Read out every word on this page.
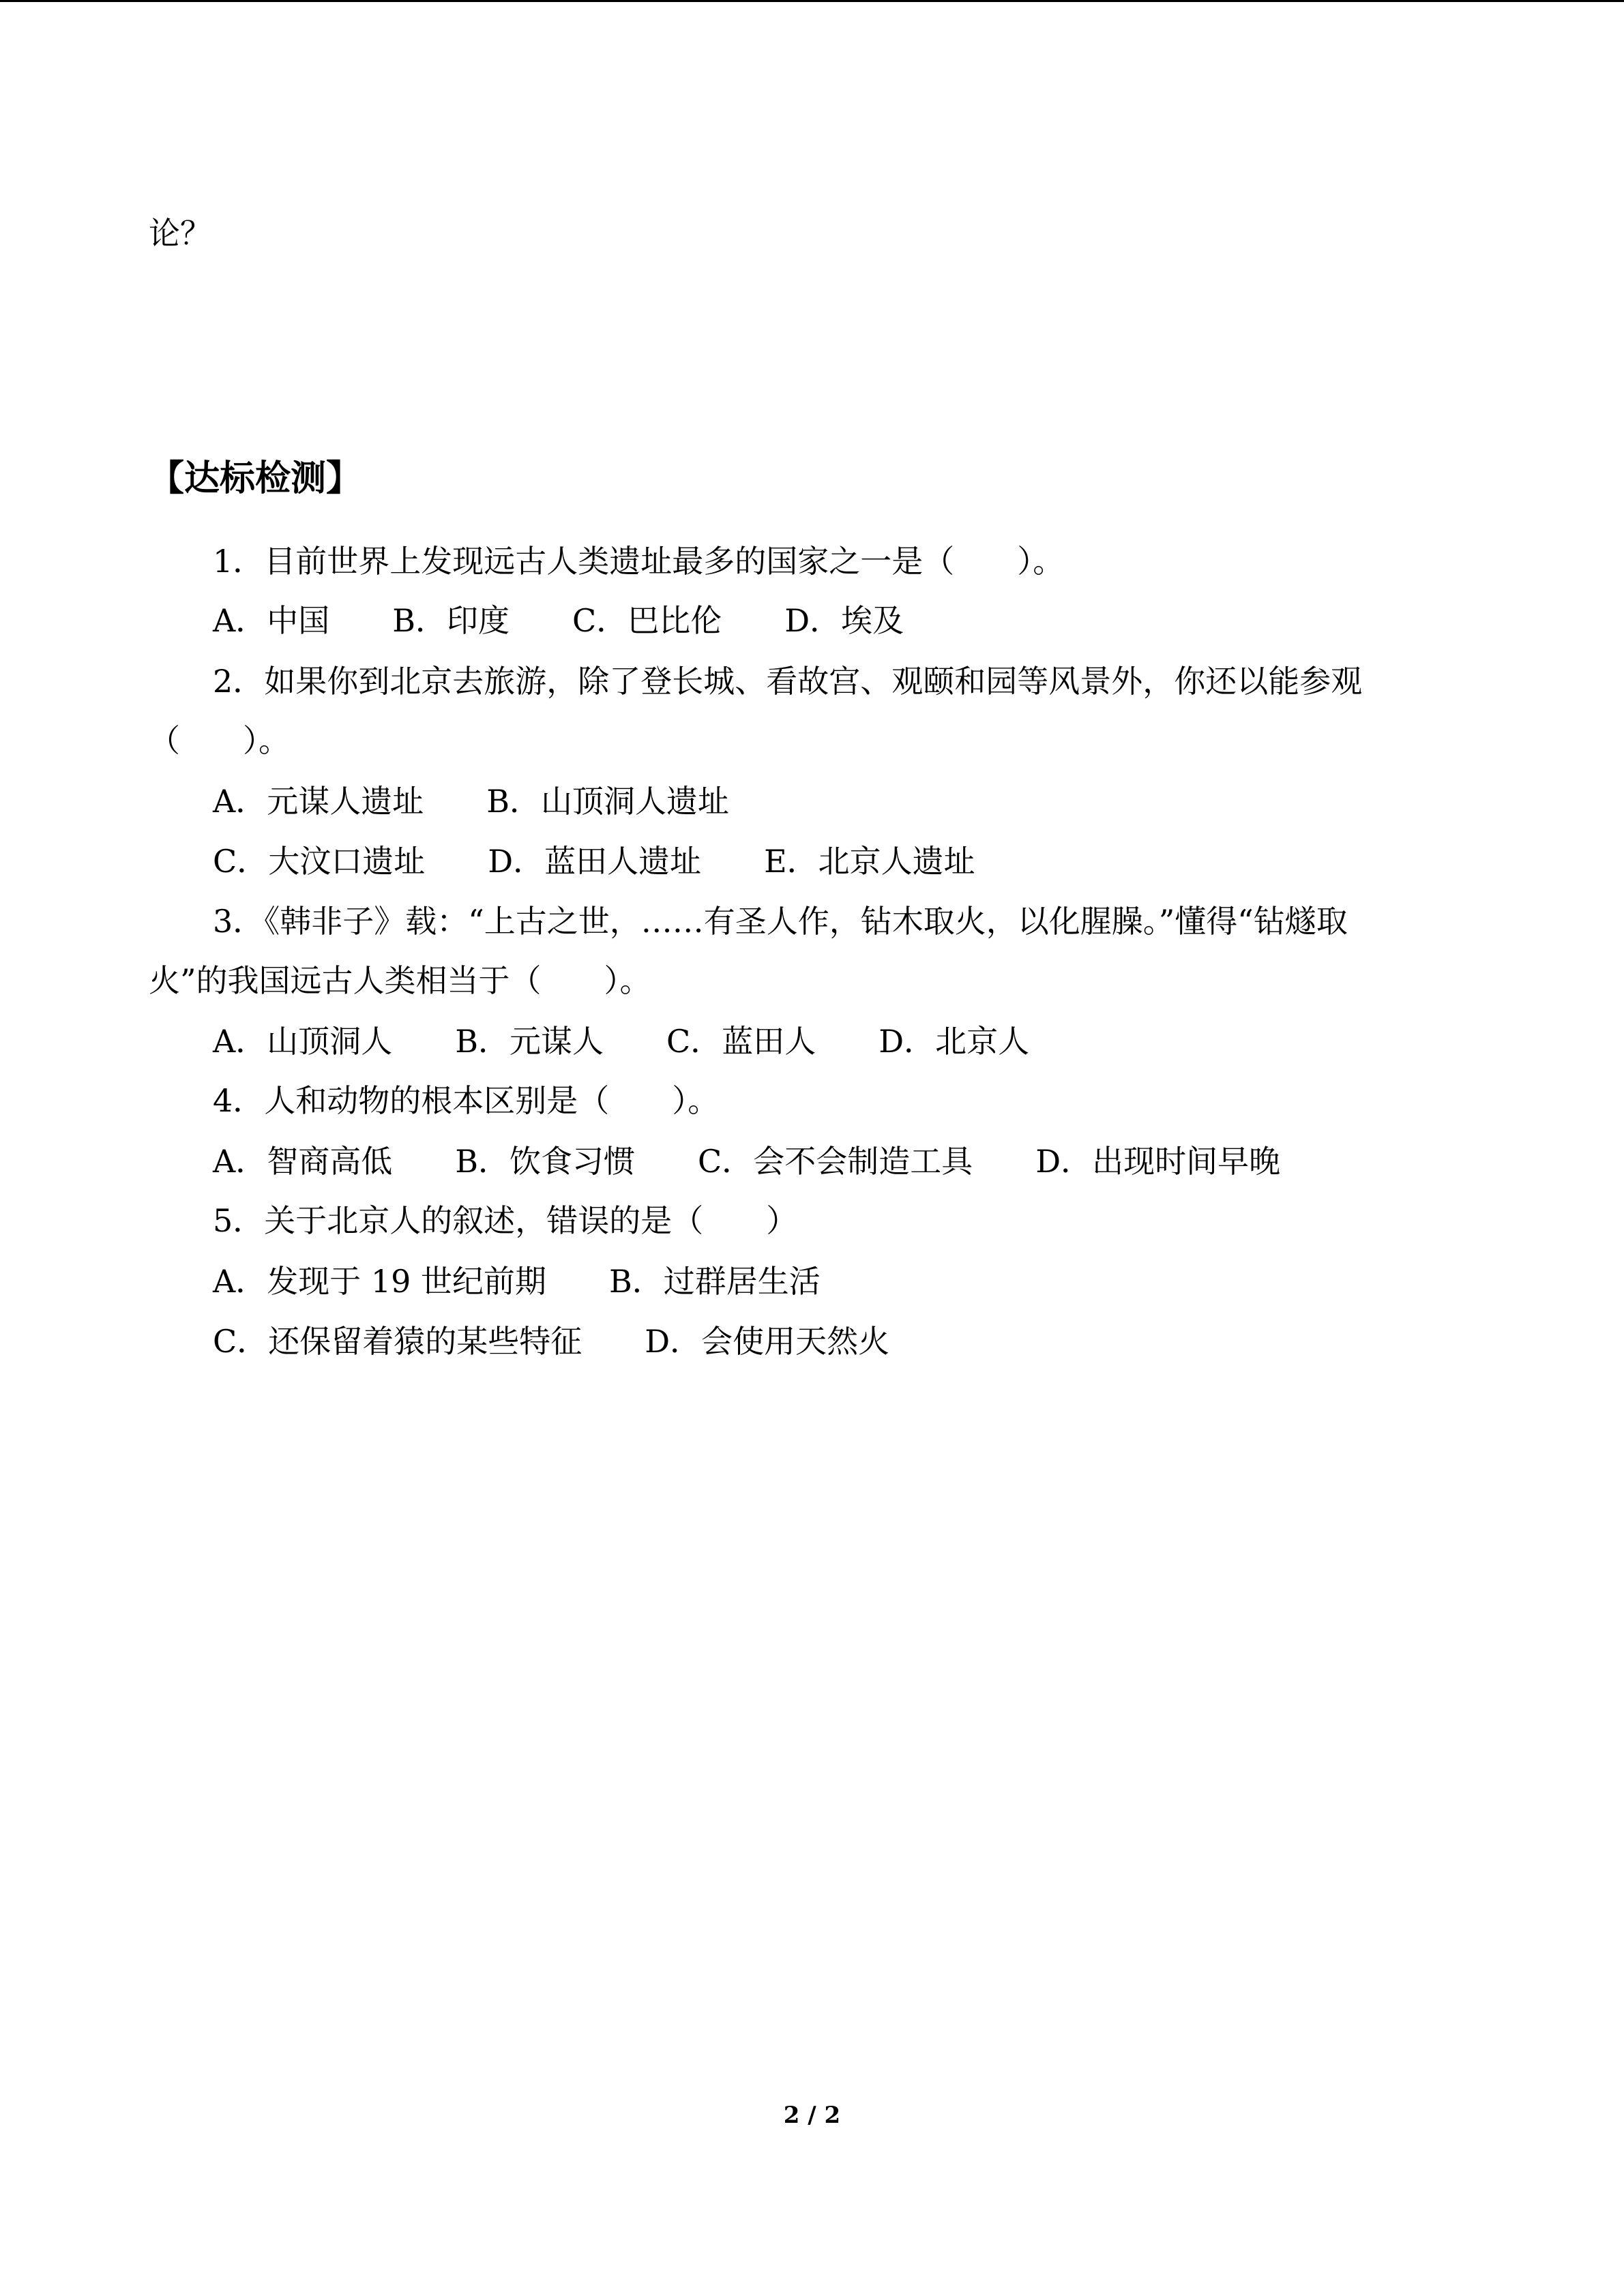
论？
【达标检测】
1．目前世界上发现远古人类遗址最多的国家之一是（　　）。
A．中国　　B．印度　　C．巴比伦　　D．埃及
2．如果你到北京去旅游，除了登长城、看故宫、观颐和园等风景外，你还以能参观
（　　）。
A．元谋人遗址　　B．山顶洞人遗址
C．大汶口遗址　　D．蓝田人遗址　　E．北京人遗址
3．《韩非子》载：“上古之世，……有圣人作，钻木取火，以化腥臊。”懂得“钻燧取
火”的我国远古人类相当于（　　）。
A．山顶洞人　　B．元谋人　　C．蓝田人　　D．北京人
4．人和动物的根本区别是（　　）。
A．智商高低　　B．饮食习惯　　C．会不会制造工具　　D．出现时间早晚
5．关于北京人的叙述，错误的是（　　）
A．发现于 19 世纪前期　　B．过群居生活
C．还保留着猿的某些特征　　D．会使用天然火
2 / 2
